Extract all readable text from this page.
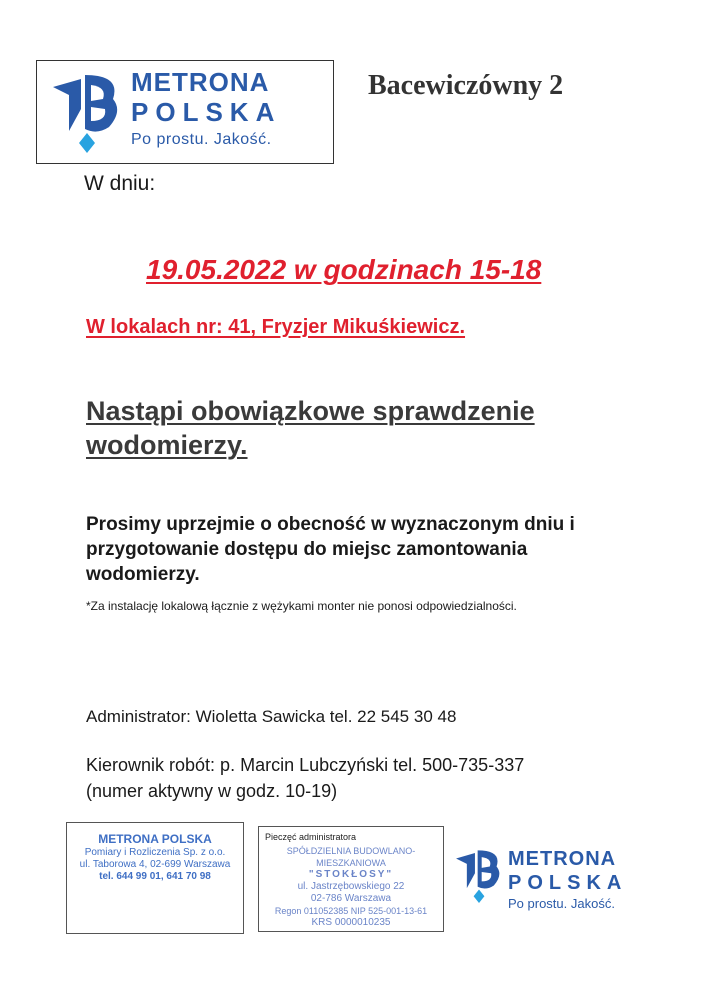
METRONA
POLSKA
Po prostu. Jakość.
Bacewiczówny 2
W dniu:
19.05.2022 w godzinach 15-18
W lokalach nr: 41, Fryzjer Mikuśkiewicz.
Nastąpi obowiązkowe sprawdzenie wodomierzy.
Prosimy uprzejmie o obecność w wyznaczonym dniu i przygotowanie dostępu do miejsc zamontowania wodomierzy.
*Za instalację lokalową łącznie z wężykami monter nie ponosi odpowiedzialności.
Administrator: Wioletta Sawicka tel. 22 545 30 48
Kierownik robót: p. Marcin Lubczyński tel. 500-735-337
(numer aktywny w godz. 10-19)
METRONA POLSKA
Pomiary i Rozliczenia Sp. z o.o.
ul. Taborowa 4, 02-699 Warszawa
tel. 644 99 01, 641 70 98
Pieczęć administratora
SPÓŁDZIELNIA BUDOWLANO-MIESZKANIOWA
"STOKŁOSY"
ul. Jastrzębowskiego 22
02-786 Warszawa
Regon 011052385 NIP 525-001-13-61
KRS 0000010235
METRONA
POLSKA
Po prostu. Jakość.
